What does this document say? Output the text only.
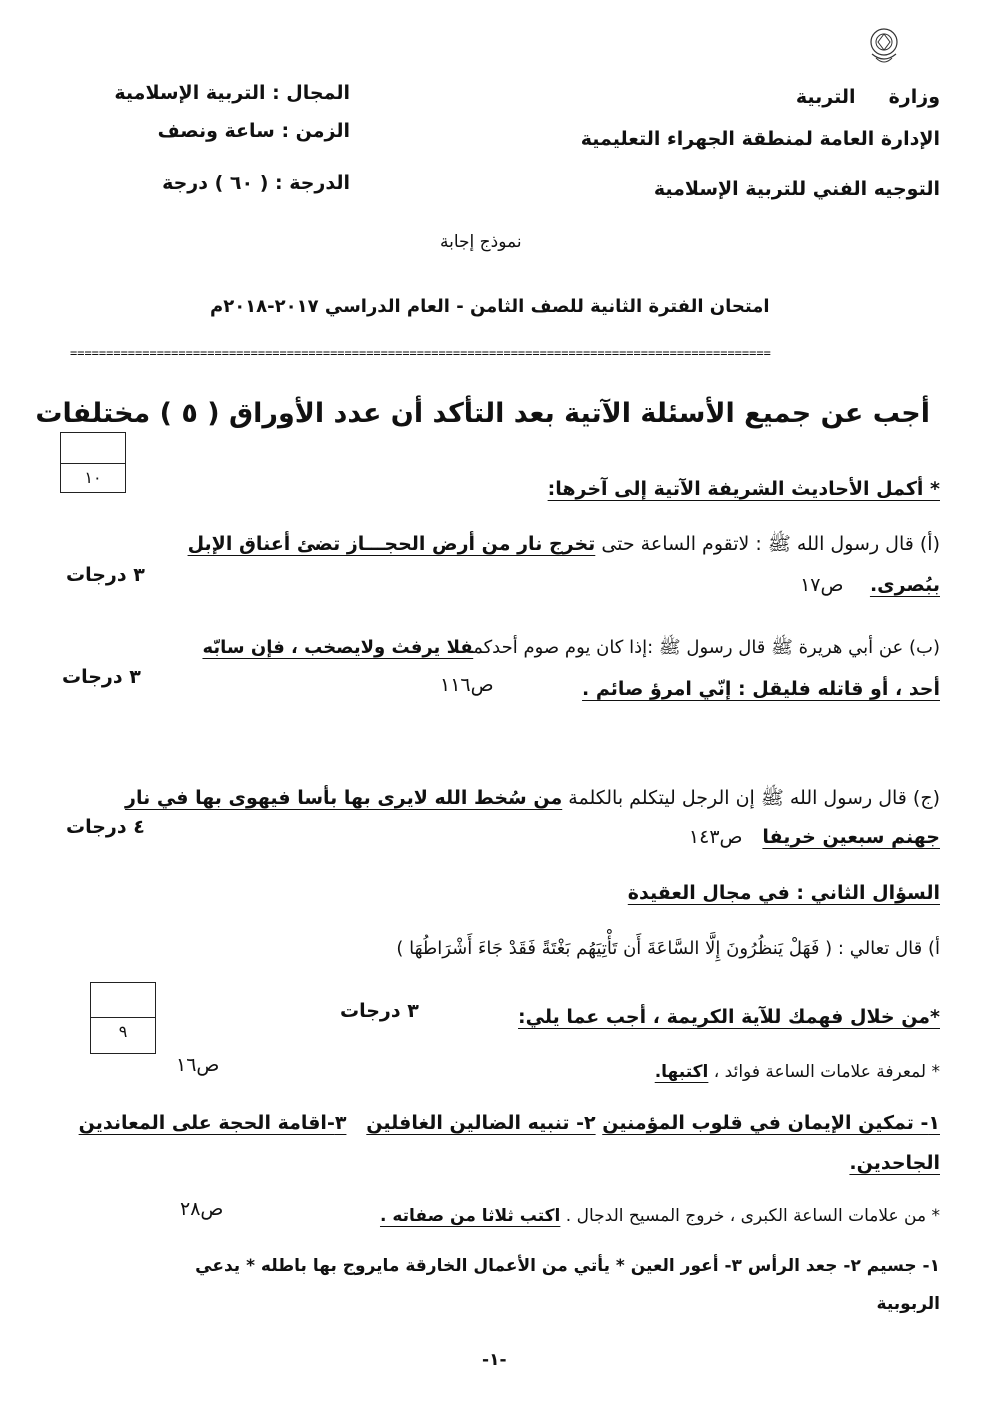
وزارة     التربية
الإدارة العامة لمنطقة الجهراء التعليمية
التوجيه الفني للتربية الإسلامية
المجال : التربية الإسلامية
الزمن : ساعة ونصف
الدرجة : ( ٦٠ ) درجة
نموذج إجابة
امتحان الفترة الثانية للصف الثامن - العام الدراسي ٢٠١٧-٢٠١٨م
=================================================================================================
أجب عن جميع الأسئلة الآتية بعد التأكد أن عدد الأوراق ( ٥ ) مختلفات
١٠
* أكمل الأحاديث الشريفة الآتية إلى آخرها:
(أ) قال رسول الله ﷺ : لاتقوم الساعة حتى تخرج نار من أرض الحجـــاز تضئ أعناق الإبل
ببُصرى.    ص١٧
٣ درجات
(ب) عن أبي هريرة ﷺ قال رسول ﷺ :إذا كان يوم صوم أحدكمفلا يرفث ولايصخب ، فإن سابّه
أحد ، أو قاتله فليقل : إنّي امرؤ صائم .
ص١١٦
٣ درجات
(ج) قال رسول الله ﷺ إن الرجل ليتكلم بالكلمة من سُخط الله لايرى بها بأسا فيهوى بها في نار
جهنم سبعين خريفا   ص١٤٣
٤ درجات
السؤال الثاني : في مجال العقيدة
أ) قال تعالي : ( فَهَلْ يَنظُرُونَ إِلَّا السَّاعَةَ أَن تَأْتِيَهُم بَغْتَةً فَقَدْ جَاءَ أَشْرَاطُهَا )
٩
*من خلال فهمك للآية الكريمة ، أجب عما يلي:
٣ درجات
* لمعرفة علامات الساعة فوائد ، اكتبها.
ص١٦
١- تمكين الإيمان في قلوب المؤمنين ٢- تنبيه الضالين الغافلين   ٣-اقامة الحجة على المعاندين
الجاحدين.
* من علامات الساعة الكبرى ، خروج المسيح الدجال . اكتب ثلاثا من صفاته .
ص٢٨
١- جسيم ٢- جعد الرأس ٣- أعور العين * يأتي من الأعمال الخارقة مايروج بها باطله * يدعي
الربوبية
-١-
